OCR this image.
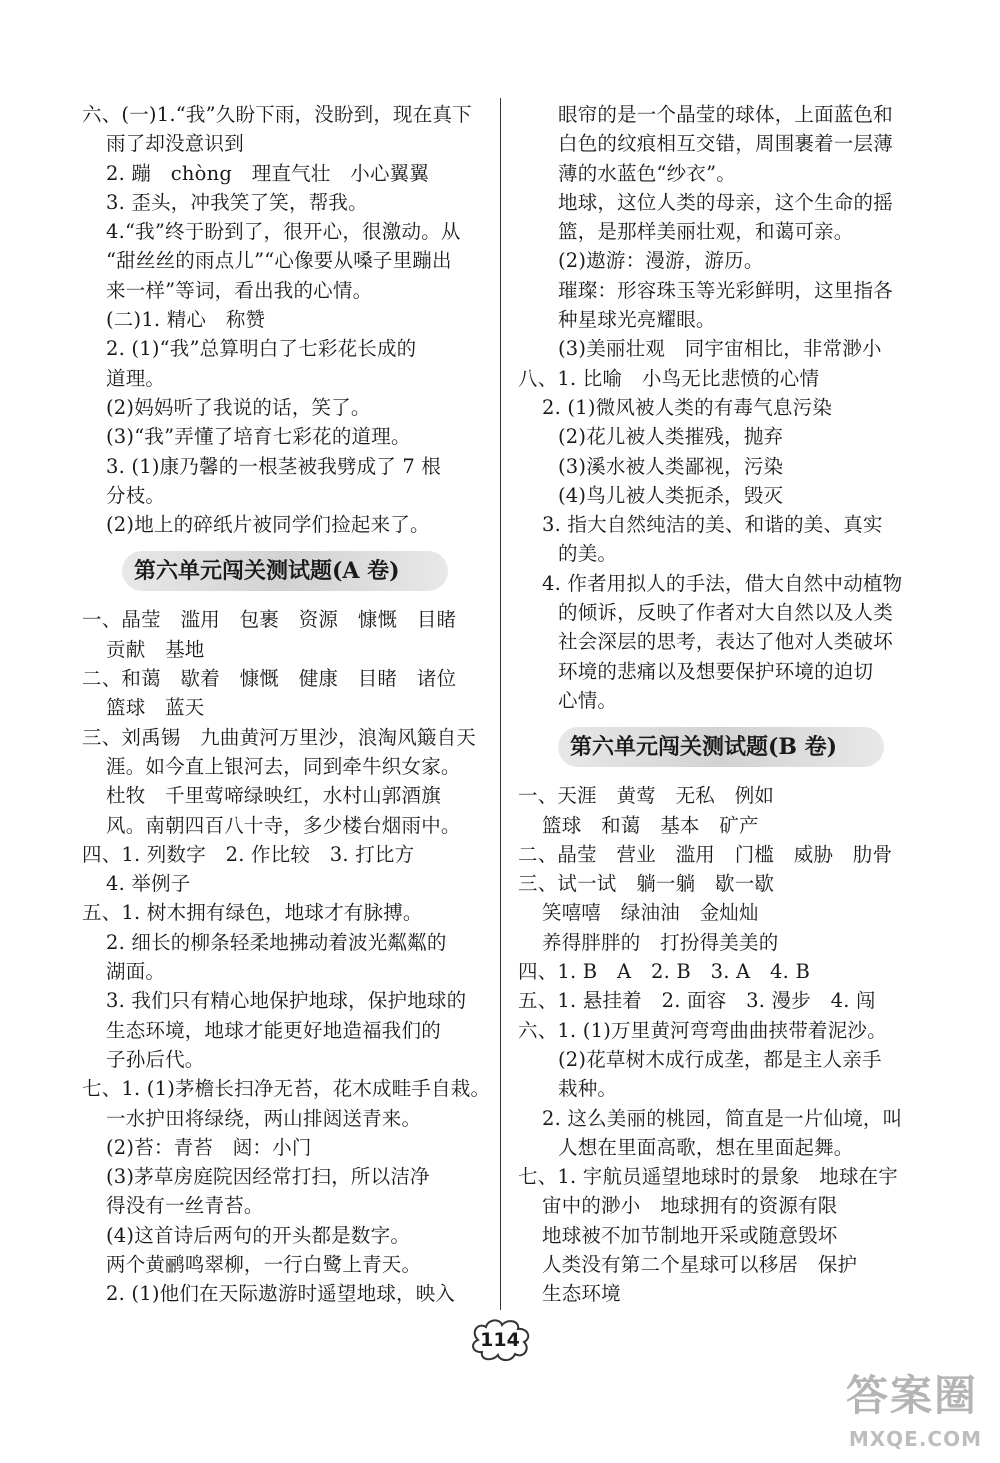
六、(一)1.“我”久盼下雨，没盼到，现在真下
雨了却没意识到
2. 蹦　chòng　理直气壮　小心翼翼
3. 歪头，冲我笑了笑，帮我。
4.“我”终于盼到了，很开心，很激动。从
“甜丝丝的雨点儿”“心像要从嗓子里蹦出
来一样”等词，看出我的心情。
(二)1. 精心　称赞
2. (1)“我”总算明白了七彩花长成的
道理。
(2)妈妈听了我说的话，笑了。
(3)“我”弄懂了培育七彩花的道理。
3. (1)康乃馨的一根茎被我劈成了 7 根
分枝。
(2)地上的碎纸片被同学们捡起来了。
第六单元闯关测试题(A 卷)
一、晶莹　滥用　包裹　资源　慷慨　目睹
贡献　基地
二、和蔼　歇着　慷慨　健康　目睹　诸位
篮球　蓝天
三、刘禹锡　九曲黄河万里沙，浪淘风簸自天
涯。如今直上银河去，同到牵牛织女家。
杜牧　千里莺啼绿映红，水村山郭酒旗
风。南朝四百八十寺，多少楼台烟雨中。
四、1. 列数字　2. 作比较　3. 打比方
4. 举例子
五、1. 树木拥有绿色，地球才有脉搏。
2. 细长的柳条轻柔地拂动着波光粼粼的
湖面。
3. 我们只有精心地保护地球，保护地球的
生态环境，地球才能更好地造福我们的
子孙后代。
七、1. (1)茅檐长扫净无苔，花木成畦手自栽。
一水护田将绿绕，两山排闼送青来。
(2)苔：青苔　闼：小门
(3)茅草房庭院因经常打扫，所以洁净
得没有一丝青苔。
(4)这首诗后两句的开头都是数字。
两个黄鹂鸣翠柳，一行白鹭上青天。
2. (1)他们在天际遨游时遥望地球，映入
眼帘的是一个晶莹的球体，上面蓝色和
白色的纹痕相互交错，周围裹着一层薄
薄的水蓝色“纱衣”。
地球，这位人类的母亲，这个生命的摇
篮，是那样美丽壮观，和蔼可亲。
(2)遨游：漫游，游历。
璀璨：形容珠玉等光彩鲜明，这里指各
种星球光亮耀眼。
(3)美丽壮观　同宇宙相比，非常渺小
八、1. 比喻　小鸟无比悲愤的心情
2. (1)微风被人类的有毒气息污染
(2)花儿被人类摧残，抛弃
(3)溪水被人类鄙视，污染
(4)鸟儿被人类扼杀，毁灭
3. 指大自然纯洁的美、和谐的美、真实
的美。
4. 作者用拟人的手法，借大自然中动植物
的倾诉，反映了作者对大自然以及人类
社会深层的思考，表达了他对人类破坏
环境的悲痛以及想要保护环境的迫切
心情。
第六单元闯关测试题(B 卷)
一、天涯　黄莺　无私　例如
篮球　和蔼　基本　矿产
二、晶莹　营业　滥用　门槛　威胁　肋骨
三、试一试　躺一躺　歇一歇
笑嘻嘻　绿油油　金灿灿
养得胖胖的　打扮得美美的
四、1. B　A　2. B　3. A　4. B
五、1. 悬挂着　2. 面容　3. 漫步　4. 闯
六、1. (1)万里黄河弯弯曲曲挟带着泥沙。
(2)花草树木成行成垄，都是主人亲手
栽种。
2. 这么美丽的桃园，简直是一片仙境，叫
人想在里面高歌，想在里面起舞。
七、1. 宇航员遥望地球时的景象　地球在宇
宙中的渺小　地球拥有的资源有限
地球被不加节制地开采或随意毁坏
人类没有第二个星球可以移居　保护
生态环境
114
答案圈
MXQE.COM
